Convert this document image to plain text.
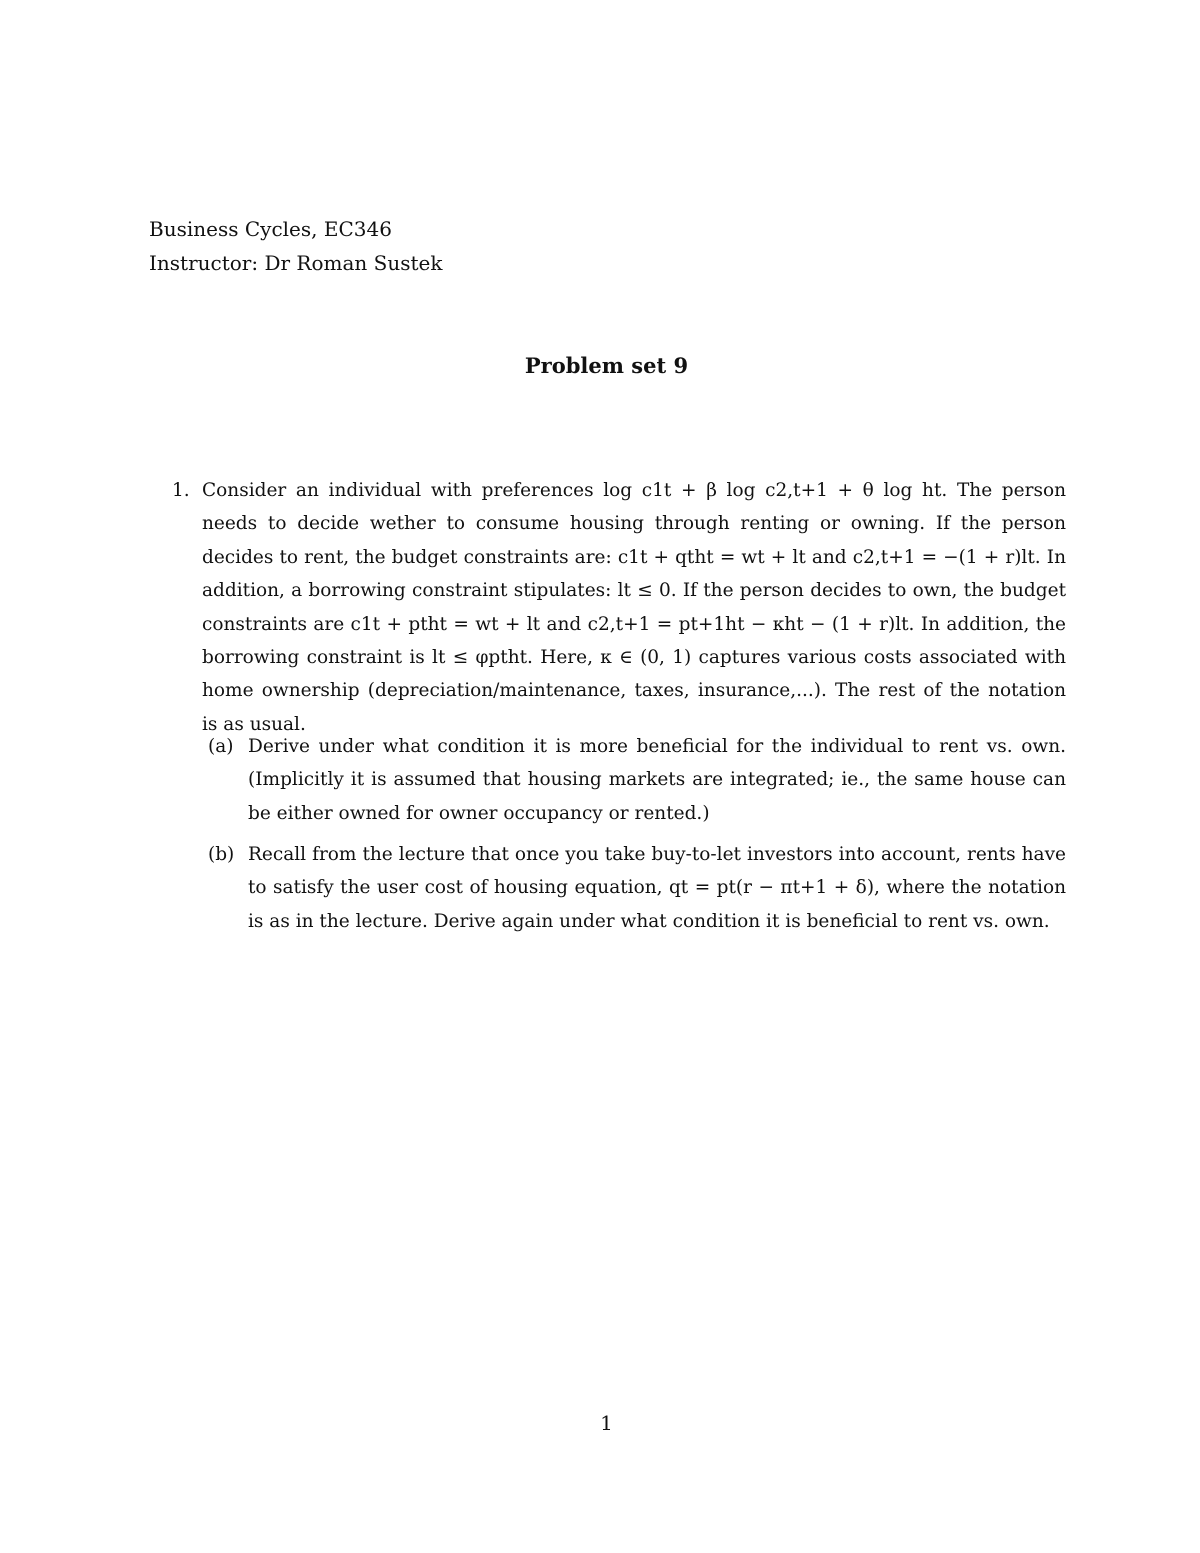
Business Cycles, EC346
Instructor: Dr Roman Sustek
Problem set 9
1. Consider an individual with preferences log c1t + β log c2,t+1 + θ log ht. The person needs to decide wether to consume housing through renting or owning. If the person decides to rent, the budget constraints are: c1t + qtht = wt + lt and c2,t+1 = −(1 + r)lt. In addition, a borrowing constraint stipulates: lt ≤ 0. If the person decides to own, the budget constraints are c1t + ptht = wt + lt and c2,t+1 = pt+1ht − κht − (1 + r)lt. In addition, the borrowing constraint is lt ≤ φptht. Here, κ ∈ (0, 1) captures various costs associated with home ownership (depreciation/maintenance, taxes, insurance,...). The rest of the notation is as usual.
(a) Derive under what condition it is more beneficial for the individual to rent vs. own. (Implicitly it is assumed that housing markets are integrated; ie., the same house can be either owned for owner occupancy or rented.)
(b) Recall from the lecture that once you take buy-to-let investors into account, rents have to satisfy the user cost of housing equation, qt = pt(r − πt+1 + δ), where the notation is as in the lecture. Derive again under what condition it is beneficial to rent vs. own.
1
